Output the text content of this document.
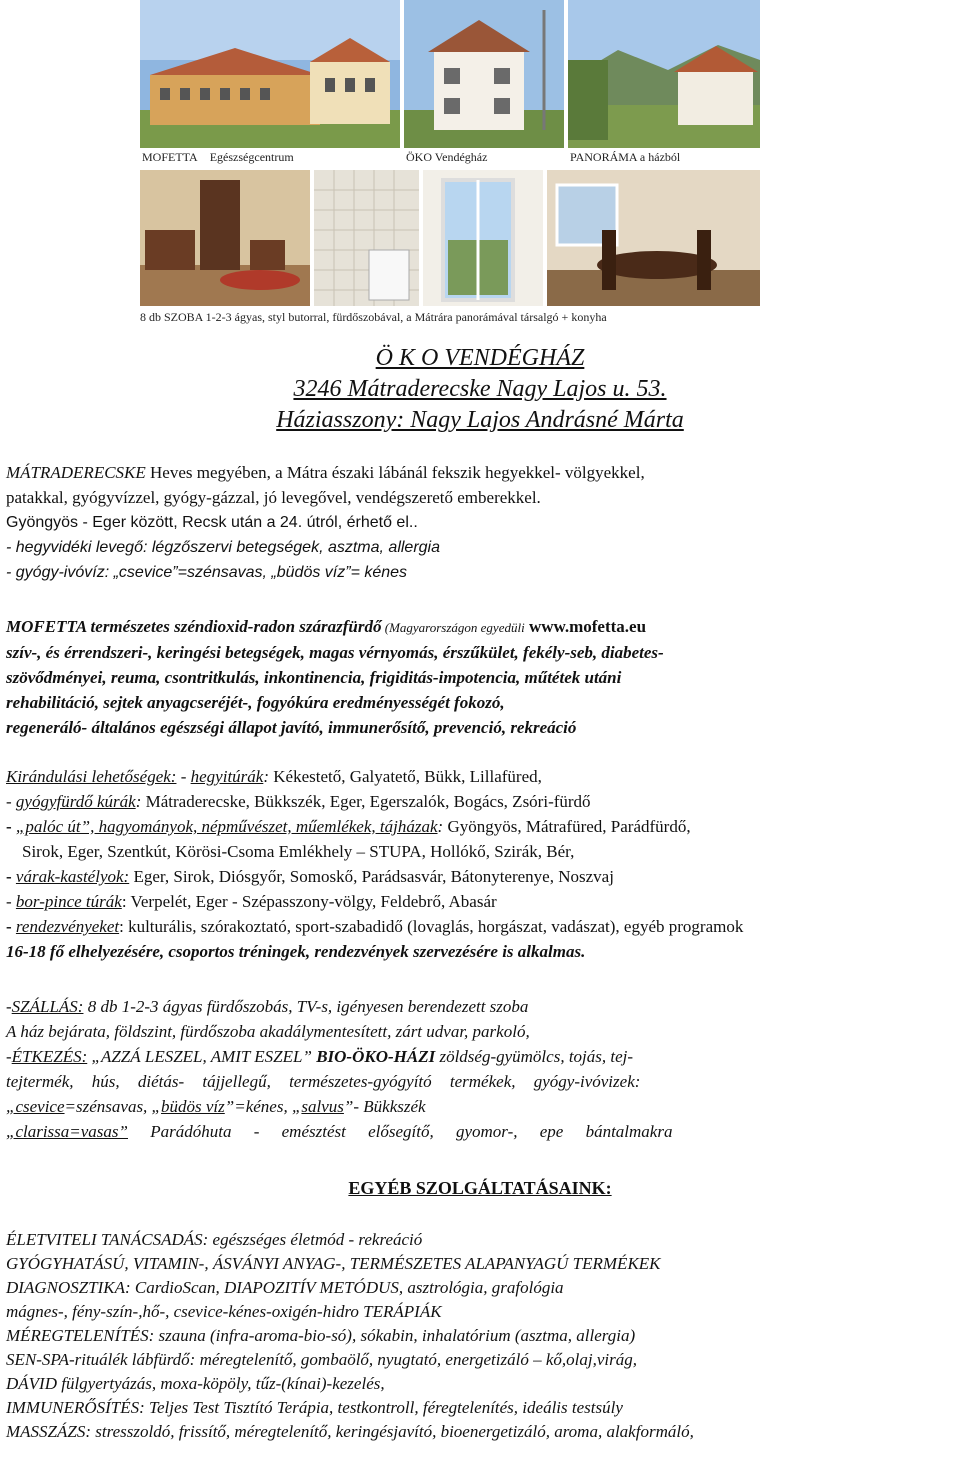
MOFETTA Egészségcentrum	ÖKO Vendégház	PANORÁMA a házból
8 db SZOBA 1-2-3 ágyas, styl butorral, fürdőszobával, a Mátrára panorámával társalgó + konyha
Ö K O VENDÉGHÁZ
3246 Mátraderecske Nagy Lajos u. 53.
Háziasszony: Nagy Lajos Andrásné Márta
MÁTRADERECSKE Heves megyében, a Mátra északi lábánál fekszik hegyekkel- völgyekkel,
patakkal, gyógyvízzel, gyógy-gázzal, jó levegővel, vendégszerető emberekkel.
Gyöngyös - Eger között, Recsk után a 24. útról, érhető el..
- hegyvidéki levegő: légzőszervi betegségek, asztma, allergia
- gyógy-ivóvíz: „csevice”=szénsavas, „büdös víz”= kénes
MOFETTA természetes széndioxid-radon szárazfürdő (Magyarországon egyedüli www.mofetta.eu
szív-, és érrendszeri-, keringési betegségek, magas vérnyomás, érszűkület, fekély-seb, diabetes-
szövődményei, reuma, csontritkulás, inkontinencia, frigiditás-impotencia, műtétek utáni
rehabilitáció, sejtek anyagcseréjét-, fogyókúra eredményességét fokozó,
regeneráló- általános egészségi állapot javító, immunerősítő, prevenció, rekreáció
Kirándulási lehetőségek: - hegyitúrák: Kékestető, Galyatető, Bükk, Lillafüred,
- gyógyfürdő kúrák: Mátraderecske, Bükkszék, Eger, Egerszalók, Bogács, Zsóri-fürdő
- „palóc út”, hagyományok, népművészet, műemlékek, tájházak: Gyöngyös, Mátrafüred, Parádfürdő,
Sirok, Eger, Szentkút, Körösi-Csoma Emlékhely – STUPA, Hollókő, Szirák, Bér,
- várak-kastélyok: Eger, Sirok, Diósgyőr, Somoskő, Parádsasvár, Bátonyterenye, Noszvaj
- bor-pince túrák: Verpelét, Eger - Szépasszony-völgy, Feldebrő, Abasár
- rendezvényeket: kulturális, szórakoztató, sport-szabadidő (lovaglás, horgászat, vadászat), egyéb programok
16-18 fő elhelyezésére, csoportos tréningek, rendezvények szervezésére is alkalmas.
-SZÁLLÁS: 8 db 1-2-3 ágyas fürdőszobás, TV-s, igényesen berendezett szoba
A ház bejárata, földszint, fürdőszoba akadálymentesített, zárt udvar, parkoló,
-ÉTKEZÉS: „AZZÁ LESZEL, AMIT ESZEL” BIO-ÖKO-HÁZI zöldség-gyümölcs, tojás, tej-
tejtermék, hús, diétás- tájjellegű, természetes-gyógyító termékek, gyógy-ivóvizek:
„csevice=szénsavas, „büdös víz”=kénes, „salvus”- Bükkszék
„clarissa=vasas” Parádóhuta - emésztést elősegítő, gyomor-, epe bántalmakra
EGYÉB SZOLGÁLTATÁSAINK:
ÉLETVITELI TANÁCSADÁS: egészséges életmód - rekreáció
GYÓGYHATÁSÚ, VITAMIN-, ÁSVÁNYI ANYAG-, TERMÉSZETES ALAPANYAGÚ TERMÉKEK
DIAGNOSZTIKA: CardioScan, DIAPOZITÍV METÓDUS, asztrológia, grafológia
mágnes-, fény-szín-,hő-, csevice-kénes-oxigén-hidro TERÁPIÁK
MÉREGTELENÍTÉS: szauna (infra-aroma-bio-só), sókabin, inhalatórium (asztma, allergia)
SEN-SPA-rituálék lábfürdő: méregtelenítő, gombaölő, nyugtató, energetizáló – kő,olaj,virág,
DÁVID fülgyertyázás, moxa-köpöly, tűz-(kínai)-kezelés,
IMMUNERŐSÍTÉS: Teljes Test Tisztító Terápia, testkontroll, féregtelenítés, ideális testsúly
MASSZÁZS: stresszoldó, frissítő, méregtelenítő, keringésjavító, bioenergetizáló, aroma, alakformáló,
